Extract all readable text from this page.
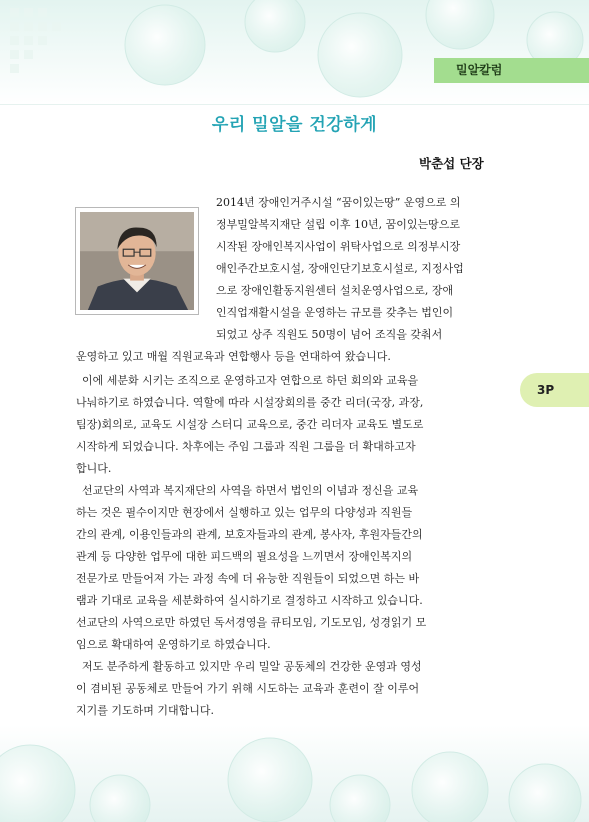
밀알칼럼
우리 밀알을 건강하게
박춘섭 단장
3P
2014년 장애인거주시설 “꿈이있는땅” 운영으로 의
정부밀알복지재단 설립 이후 10년, 꿈이있는땅으로
시작된 장애인복지사업이 위탁사업으로 의정부시장
애인주간보호시설, 장애인단기보호시설로, 지정사업
으로 장애인활동지원센터 설치운영사업으로, 장애
인직업재활시설을 운영하는 규모를 갖추는 법인이
되었고 상주 직원도 50명이 넘어 조직을 갖춰서
운영하고 있고 매월 직원교육과 연합행사 등을 연대하여 왔습니다.
이에 세분화 시키는 조직으로 운영하고자 연합으로 하던 회의와 교육을
나눠하기로 하였습니다. 역할에 따라 시설장회의를 중간 리더(국장, 과장,
팀장)회의로, 교육도 시설장 스터디 교육으로, 중간 리더자 교육도 별도로
시작하게 되었습니다. 차후에는 주임 그룹과 직원 그룹을 더 확대하고자
합니다.
선교단의 사역과 복지재단의 사역을 하면서 법인의 이념과 정신을 교육
하는 것은 필수이지만 현장에서 실행하고 있는 업무의 다양성과 직원들
간의 관계, 이용인들과의 관계, 보호자들과의 관계, 봉사자, 후원자들간의
관계 등 다양한 업무에 대한 피드백의 필요성을 느끼면서 장애인복지의
전문가로 만들어져 가는 과정 속에 더 유능한 직원들이 되었으면 하는 바
램과 기대로 교육을 세분화하여 실시하기로 결정하고 시작하고 있습니다.
선교단의 사역으로만 하였던 독서경영을 큐티모임, 기도모임, 성경읽기 모
임으로 확대하여 운영하기로 하였습니다.
저도 분주하게 활동하고 있지만 우리 밀알 공동체의 건강한 운영과 영성
이 겸비된 공동체로 만들어 가기 위해 시도하는 교육과 훈련이 잘 이루어
지기를 기도하며 기대합니다.
